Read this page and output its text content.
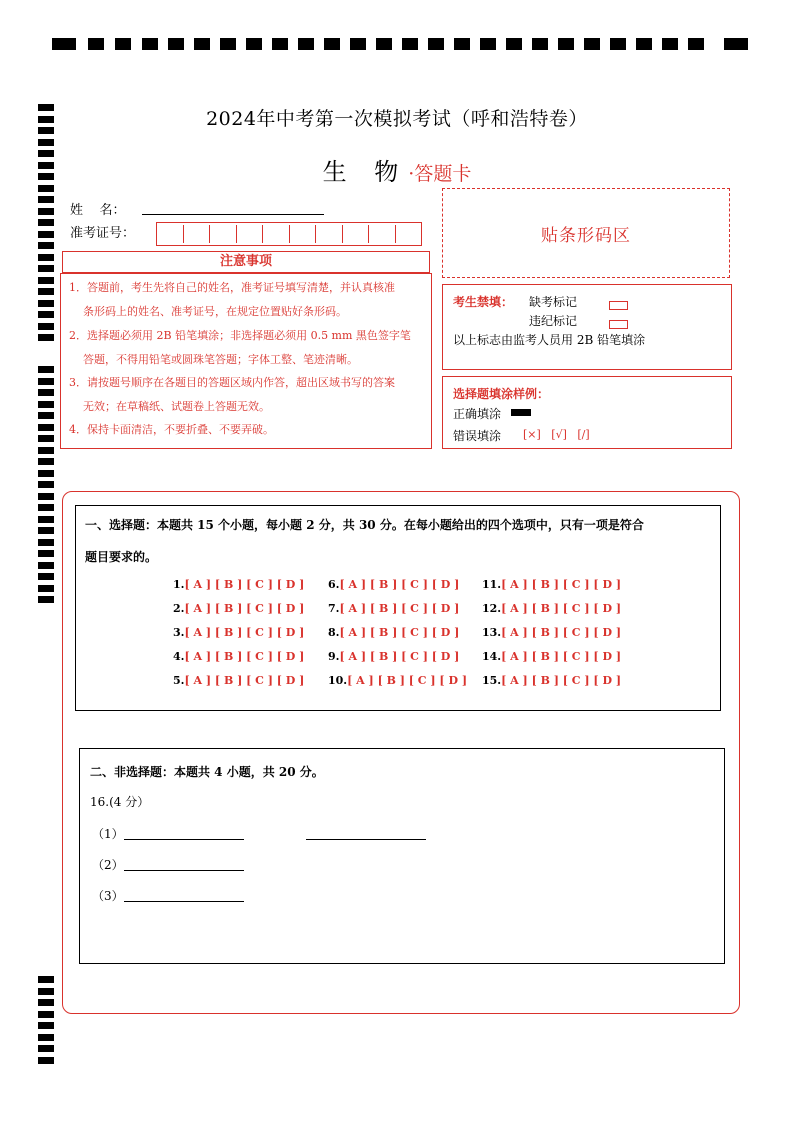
2024年中考第一次模拟考试（呼和浩特卷）
生 物·答题卡
姓    名：
准考证号：	贴条形码区
注意事项

1．答题前，考生先将自己的姓名，准考证号填写清楚，并认真核准

条形码上的姓名、准考证号，在规定位置贴好条形码。

2．选择题必须用 2B 铅笔填涂；非选择题必须用 0.5 mm 黑色签字笔

答题，不得用铅笔或圆珠笔答题；字体工整、笔迹清晰。

3．请按题号顺序在各题目的答题区域内作答，超出区域书写的答案

无效；在草稿纸、试题卷上答题无效。

4．保持卡面清洁，不要折叠、不要弄破。

考生禁填： 缺考标记
违纪标记
以上标志由监考人员用 2B 铅笔填涂
选择题填涂样例：
正确填涂
错误填涂 [×]   [√]   [/]
一、选择题：本题共 15 个小题，每小题 2 分，共 30 分。在每小题给出的四个选项中，只有一项是符合
题目要求的。
1.[ A ] [ B ] [ C ] [ D ]
2.[ A ] [ B ] [ C ] [ D ]
3.[ A ] [ B ] [ C ] [ D ]
4.[ A ] [ B ] [ C ] [ D ]
5.[ A ] [ B ] [ C ] [ D ]
6.[ A ] [ B ] [ C ] [ D ]
7.[ A ] [ B ] [ C ] [ D ]
8.[ A ] [ B ] [ C ] [ D ]
9.[ A ] [ B ] [ C ] [ D ]
10.[ A ] [ B ] [ C ] [ D ]
11.[ A ] [ B ] [ C ] [ D ]
12.[ A ] [ B ] [ C ] [ D ]
13.[ A ] [ B ] [ C ] [ D ]
14.[ A ] [ B ] [ C ] [ D ]
15.[ A ] [ B ] [ C ] [ D ]
二、非选择题：本题共 4 小题，共 20 分。
16.(4 分）
（1）
（2）
（3）
